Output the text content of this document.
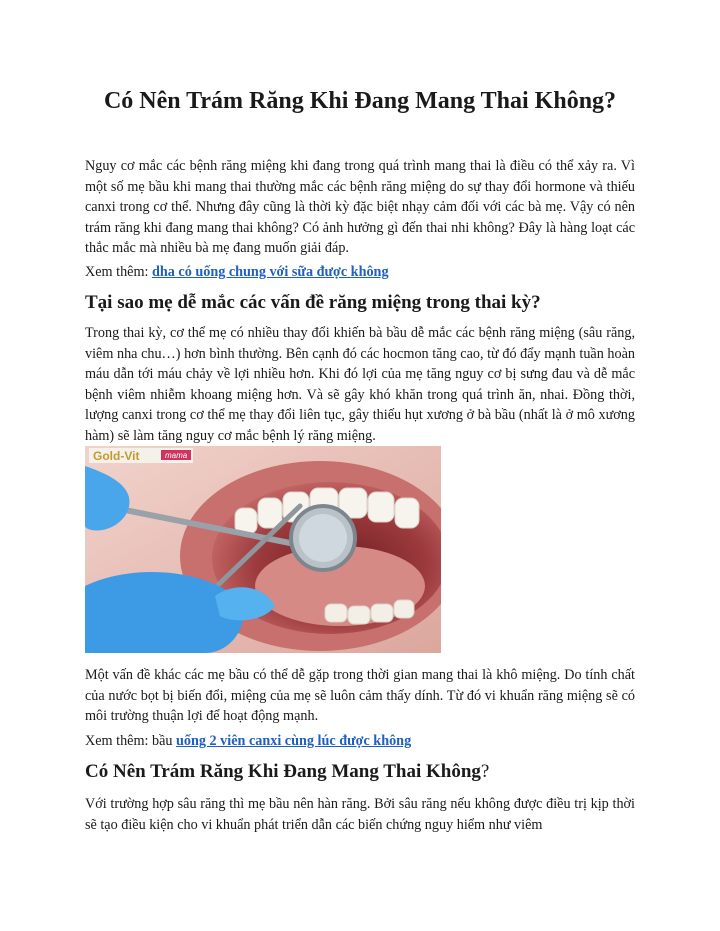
Có Nên Trám Răng Khi Đang Mang Thai Không?

Nguy cơ mắc các bệnh răng miệng khi đang trong quá trình mang thai là điều có thể xảy ra. Vì một số mẹ bầu khi mang thai thường mắc các bệnh răng miệng do sự thay đổi hormone và thiếu canxi trong cơ thể. Nhưng đây cũng là thời kỳ đặc biệt nhạy cảm đối với các bà mẹ. Vậy có nên trám răng khi đang mang thai không? Có ảnh hưởng gì đến thai nhi không? Đây là hàng loạt các thắc mắc mà nhiều bà mẹ đang muốn giải đáp.

Xem thêm: dha có uống chung với sữa được không

Tại sao mẹ dễ mắc các vấn đề răng miệng trong thai kỳ?

Trong thai kỳ, cơ thể mẹ có nhiều thay đổi khiến bà bầu dễ mắc các bệnh răng miệng (sâu răng, viêm nha chu…) hơn bình thường. Bên cạnh đó các hocmon tăng cao, từ đó đẩy mạnh tuần hoàn máu dẫn tới máu chảy về lợi nhiều hơn. Khi đó lợi của mẹ tăng nguy cơ bị sưng đau và dễ mắc bệnh viêm nhiễm khoang miệng hơn. Và sẽ gây khó khăn trong quá trình ăn, nhai. Đồng thời, lượng canxi trong cơ thể mẹ thay đổi liên tục, gây thiếu hụt xương ở bà bầu (nhất là ở mô xương hàm) sẽ làm tăng nguy cơ mắc bệnh lý răng miệng.

Gold-Vit	mama

Một vấn đề khác các mẹ bầu có thể dễ gặp trong thời gian mang thai là khô miệng. Do tính chất của nước bọt bị biến đổi, miệng của mẹ sẽ luôn cảm thấy dính. Từ đó vi khuẩn răng miệng sẽ có môi trường thuận lợi để hoạt động mạnh.

Xem thêm: bầu uống 2 viên canxi cùng lúc được không

Có Nên Trám Răng Khi Đang Mang Thai Không?

Với trường hợp sâu răng thì mẹ bầu nên hàn răng. Bởi sâu răng nếu không được điều trị kịp thời sẽ tạo điều kiện cho vi khuẩn phát triển dẫn các biến chứng nguy hiểm như viêm
